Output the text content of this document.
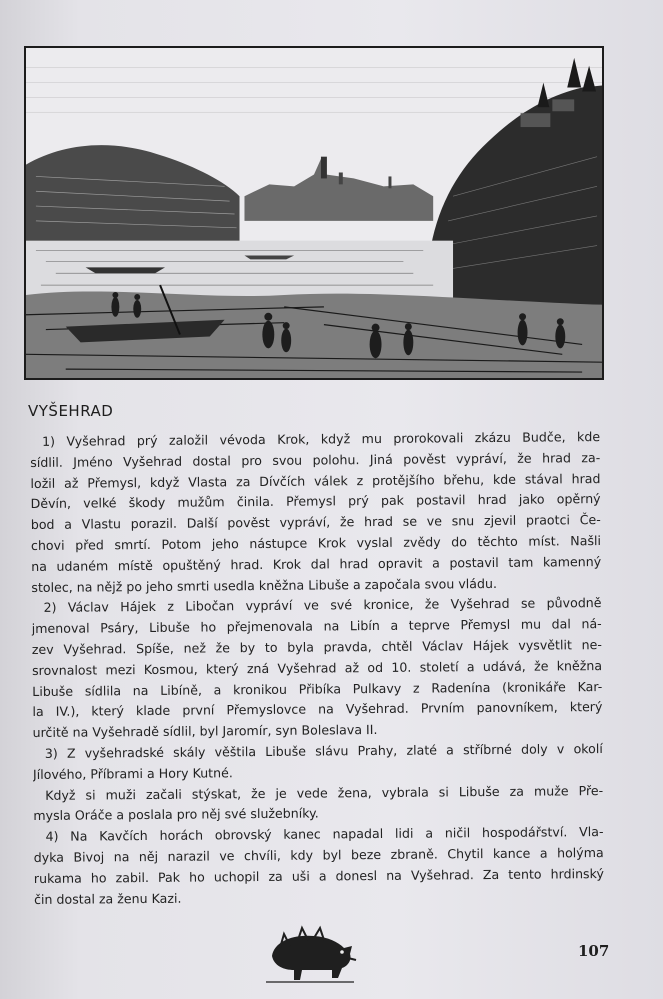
VYŠEHRAD
1) Vyšehrad prý založil vévoda Krok, když mu prorokovali zkázu Budče, kde
sídlil. Jméno Vyšehrad dostal pro svou polohu. Jiná pověst vypráví, že hrad za-
ložil až Přemysl, když Vlasta za Dívčích válek z protějšího břehu, kde stával hrad
Děvín, velké škody mužům činila. Přemysl prý pak postavil hrad jako opěrný
bod a Vlastu porazil. Další pověst vypráví, že hrad se ve snu zjevil praotci Če-
chovi před smrtí. Potom jeho nástupce Krok vyslal zvědy do těchto míst. Našli
na udaném místě opuštěný hrad. Krok dal hrad opravit a postavil tam kamenný
stolec, na nějž po jeho smrti usedla kněžna Libuše a započala svou vládu.
2) Václav Hájek z Libočan vypráví ve své kronice, že Vyšehrad se původně
jmenoval Psáry, Libuše ho přejmenovala na Libín a teprve Přemysl mu dal ná-
zev Vyšehrad. Spíše, než že by to byla pravda, chtěl Václav Hájek vysvětlit ne-
srovnalost mezi Kosmou, který zná Vyšehrad až od 10. století a udává, že kněžna
Libuše sídlila na Libíně, a kronikou Přibíka Pulkavy z Radenína (kronikáře Kar-
la IV.), který klade první Přemyslovce na Vyšehrad. Prvním panovníkem, který
určitě na Vyšehradě sídlil, byl Jaromír, syn Boleslava II.
3) Z vyšehradské skály věštila Libuše slávu Prahy, zlaté a stříbrné doly v okolí
Jílového, Příbrami a Hory Kutné.
Když si muži začali stýskat, že je vede žena, vybrala si Libuše za muže Pře-
mysla Oráče a poslala pro něj své služebníky.
4) Na Kavčích horách obrovský kanec napadal lidi a ničil hospodářství. Vla-
dyka Bivoj na něj narazil ve chvíli, kdy byl beze zbraně. Chytil kance a holýma
rukama ho zabil. Pak ho uchopil za uši a donesl na Vyšehrad. Za tento hrdinský
čin dostal za ženu Kazi.
107
